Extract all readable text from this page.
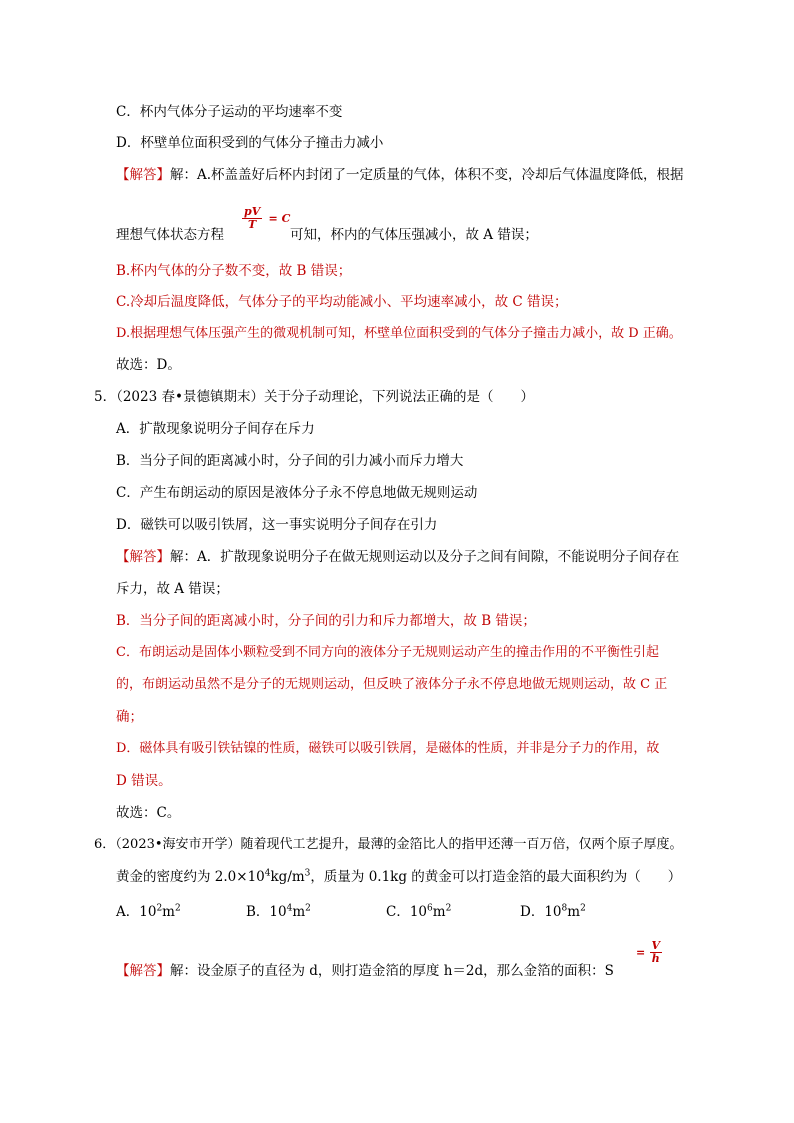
C．杯内气体分子运动的平均速率不变
D．杯壁单位面积受到的气体分子撞击力减小
【解答】解：A.杯盖盖好后杯内封闭了一定质量的气体，体积不变，冷却后气体温度降低，根据
理想气体状态方程
$\frac{pV}{T} = C$
可知，杯内的气体压强减小，故 A 错误；
B.杯内气体的分子数不变，故 B 错误；
C.冷却后温度降低，气体分子的平均动能减小、平均速率减小，故 C 错误；
D.根据理想气体压强产生的微观机制可知，杯壁单位面积受到的气体分子撞击力减小，故 D 正确。
故选：D。
5．（2023 春•景德镇期末）关于分子动理论，下列说法正确的是（　　）
A．扩散现象说明分子间存在斥力
B．当分子间的距离减小时，分子间的引力减小而斥力增大
C．产生布朗运动的原因是液体分子永不停息地做无规则运动
D．磁铁可以吸引铁屑，这一事实说明分子间存在引力
【解答】解：A．扩散现象说明分子在做无规则运动以及分子之间有间隙，不能说明分子间存在
斥力，故 A 错误；
B．当分子间的距离减小时，分子间的引力和斥力都增大，故 B 错误；
C．布朗运动是固体小颗粒受到不同方向的液体分子无规则运动产生的撞击作用的不平衡性引起
的，布朗运动虽然不是分子的无规则运动，但反映了液体分子永不停息地做无规则运动，故 C 正
确；
D．磁体具有吸引铁钴镍的性质，磁铁可以吸引铁屑，是磁体的性质，并非是分子力的作用，故
D 错误。
故选：C。
6．（2023•海安市开学）随着现代工艺提升，最薄的金箔比人的指甲还薄一百万倍，仅两个原子厚度。
黄金的密度约为 $2.0\times 10^4kg/m^3$，质量为 0.1kg 的黄金可以打造金箔的最大面积约为（　　）
A．$10^2m^2$	B．$10^4m^2$	C．$10^6m^2$	D．$10^8m^2$
【解答】解：设金原子的直径为 d，则打造金箔的厚度 h＝2d，那么金箔的面积：S
= $\frac{V}{h}$
